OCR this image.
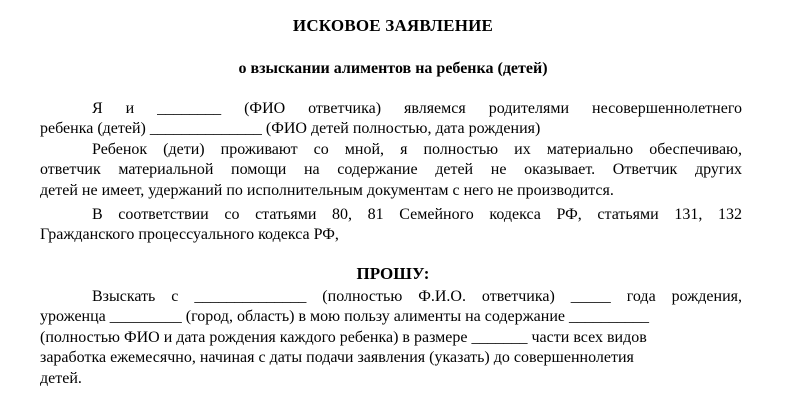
ИСКОВОЕ ЗАЯВЛЕНИЕ
о взыскании алиментов на ребенка (детей)
Я и ________ (ФИО ответчика) являемся родителями несовершеннолетнего
ребенка (детей) ______________ (ФИО детей полностью, дата рождения)
Ребенок (дети) проживают со мной, я полностью их материально обеспечиваю,
ответчик материальной помощи на содержание детей не оказывает. Ответчик других
детей не имеет, удержаний по исполнительным документам с него не производится.
В соответствии со статьями 80, 81 Семейного кодекса РФ, статьями 131, 132
Гражданского процессуального кодекса РФ,
ПРОШУ:
Взыскать с ______________ (полностью Ф.И.О. ответчика) _____ года рождения,
уроженца _________ (город, область) в мою пользу алименты на содержание __________
(полностью ФИО и дата рождения каждого ребенка) в размере _______ части всех видов
заработка ежемесячно, начиная с даты подачи заявления (указать) до совершеннолетия
детей.
